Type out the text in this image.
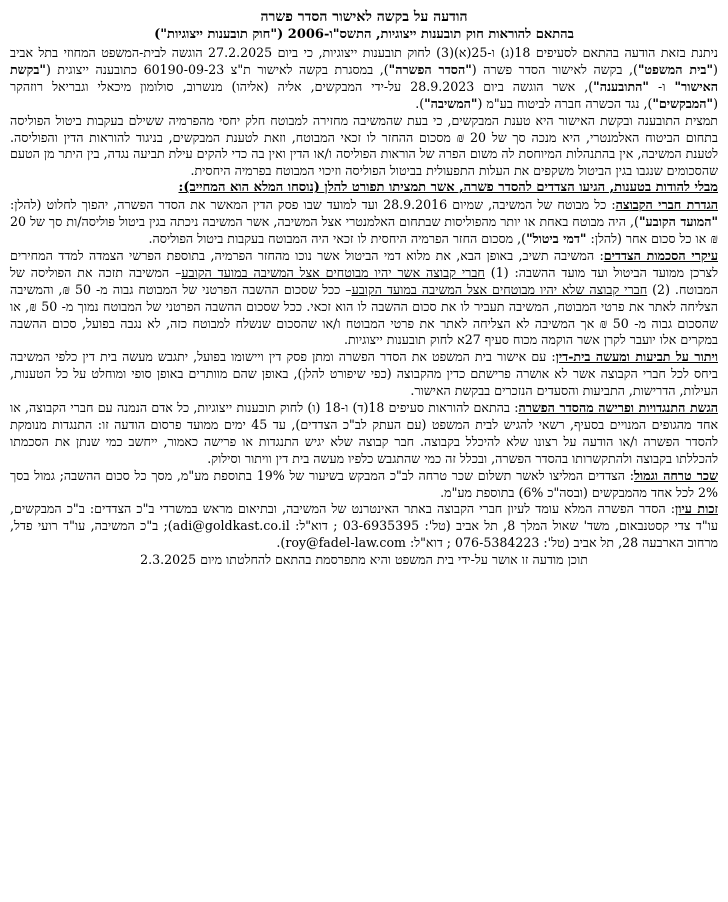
הודעה על בקשה לאישור הסדר פשרה

בהתאם להוראות חוק תובענות ייצוגיות, התשס"ו-2006 ("חוק תובענות ייצוגיות")

ניתנת בזאת הודעה בהתאם לסעיפים 18(ג) ו-25(א)(3) לחוק תובענות ייצוגיות, כי ביום 27.2.2025 הוגשה לבית-המשפט המחוזי בתל אביב ("בית המשפט"), בקשה לאישור הסדר פשרה ("הסדר הפשרה"), במסגרת בקשה לאישור ת"צ 60190-09-23 כתובענה ייצוגית ("בקשת האישור" ו- "התובענה"), אשר הוגשה ביום 28.9.2023 על-ידי המבקשים, אליה (אליהו) מנשרוב, סולומון מיכאלי וגבריאל רוזהקר ("המבקשים"), נגד הכשרה חברה לביטוח בע"מ ("המשיבה").

תמצית התובענה ובקשת האישור היא טענת המבקשים, כי בעת שהמשיבה מחזירה למבוטח חלק יחסי מהפרמיה ששילם בעקבות ביטול הפוליסה בתחום הביטוח האלמנטרי, היא מנכה סך של 20 ₪ מסכום ההחזר לו זכאי המבוטח, וזאת לטענת המבקשים, בניגוד להוראות הדין והפוליסה. לטענת המשיבה, אין בהתנהלות המיוחסת לה משום הפרה של הוראות הפוליסה ו/או הדין ואין בה כדי להקים עילת תביעה נגדה, בין היתר מן הטעם שהסכומים שנגבו בגין הביטול משקפים את העלות התפעולית בביטול הפוליסה וזיכוי המבוטח בפרמיה היחסית.

מבלי להודות בטענות, הגיעו הצדדים להסדר פשרה, אשר תמציתו תפורט להלן (נוסחו המלא הוא המחייב):

הגדרת חברי הקבוצה: כל מבוטח של המשיבה, שמיום 28.9.2016 ועד למועד שבו פסק הדין המאשר את הסדר הפשרה, יהפוך לחלוט (להלן: "המועד הקובע"), היה מבוטח באחת או יותר מהפוליסות שבתחום האלמנטרי אצל המשיבה, אשר המשיבה ניכתה בגין ביטול פוליסה/ות סך של 20 ₪ או כל סכום אחר (להלן: "דמי ביטול"), מסכום החזר הפרמיה היחסית לו זכאי היה המבוטח בעקבות ביטול הפוליסה.

עיקרי הסכמות הצדדים: המשיבה תשיב, באופן הבא, את מלוא דמי הביטול אשר נוכו מהחזר הפרמיה, בתוספת הפרשי הצמדה למדד המחירים לצרכן ממועד הביטול ועד מועד ההשבה: (1) חברי קבוצה אשר יהיו מבוטחים אצל המשיבה במועד הקובע– המשיבה תזכה את הפוליסה של המבוטח. (2) חברי קבוצה שלא יהיו מבוטחים אצל המשיבה במועד הקובע– ככל שסכום ההשבה הפרטני של המבוטח גבוה מ- 50 ₪, והמשיבה הצליחה לאתר את פרטי המבוטח, המשיבה תעביר לו את סכום ההשבה לו הוא זכאי. ככל שסכום ההשבה הפרטני של המבוטח נמוך מ- 50 ₪, או שהסכום גבוה מ- 50 ₪ אך המשיבה לא הצליחה לאתר את פרטי המבוטח ו/או שהסכום שנשלח למבוטח כזה, לא נגבה בפועל, סכום ההשבה במקרים אלו יועבר לקרן אשר הוקמה מכוח סעיף 27א לחוק תובענות ייצוגיות.

ויתור על תביעות ומעשה בית-דין: עם אישור בית המשפט את הסדר הפשרה ומתן פסק דין ויישומו בפועל, יתגבש מעשה בית דין כלפי המשיבה ביחס לכל חברי הקבוצה אשר לא אושרה פרישתם כדין מהקבוצה (כפי שיפורט להלן), באופן שהם מוותרים באופן סופי ומוחלט על כל הטענות, העילות, הדרישות, התביעות והסעדים הנזכרים בבקשת האישור.

הגשת התנגדויות ופרישה מהסדר הפשרה: בהתאם להוראות סעיפים 18(ד) ו-18 (ו) לחוק תובענות ייצוגיות, כל אדם הנמנה עם חברי הקבוצה, או אחד מהגופים המנויים בסעיף, רשאי להגיש לבית המשפט (עם העתק לב"כ הצדדים), עד 45 ימים ממועד פרסום הודעה זו: התנגדות מנומקת להסדר הפשרה ו/או הודעה על רצונו שלא להיכלל בקבוצה. חבר קבוצה שלא יגיש התנגדות או פרישה כאמור, ייחשב כמי שנתן את הסכמתו להכללתו בקבוצה ולהתקשרותו בהסדר הפשרה, ובכלל זה כמי שהתגבש כלפיו מעשה בית דין וויתור וסילוק.

שכר טרחה וגמול: הצדדים המליצו לאשר תשלום שכר טרחה לב"כ המבקש בשיעור של 19% בתוספת מע"מ, מסך כל סכום ההשבה; גמול בסך 2% לכל אחד מהמבקשים (ובסה"כ 6%) בתוספת מע"מ.

זכות עיון: הסדר הפשרה המלא עומד לעיון חברי הקבוצה באתר האינטרנט של המשיבה, ובתיאום מראש במשרדי ב"כ הצדדים: ב"כ המבקשים, עו"ד צדי קסטנבאום, משד' שאול המלך 8, תל אביב (טל': 03-6935395 ; דוא"ל: adi@goldkast.co.il); ב"כ המשיבה, עו"ד רועי פדל, מרחוב הארבעה 28, תל אביב (טל': 076-5384223 ; דוא"ל: roy@fadel-law.com).

תוכן מודעה זו אושר על-ידי בית המשפט והיא מתפרסמת בהתאם להחלטתו מיום 2.3.2025
